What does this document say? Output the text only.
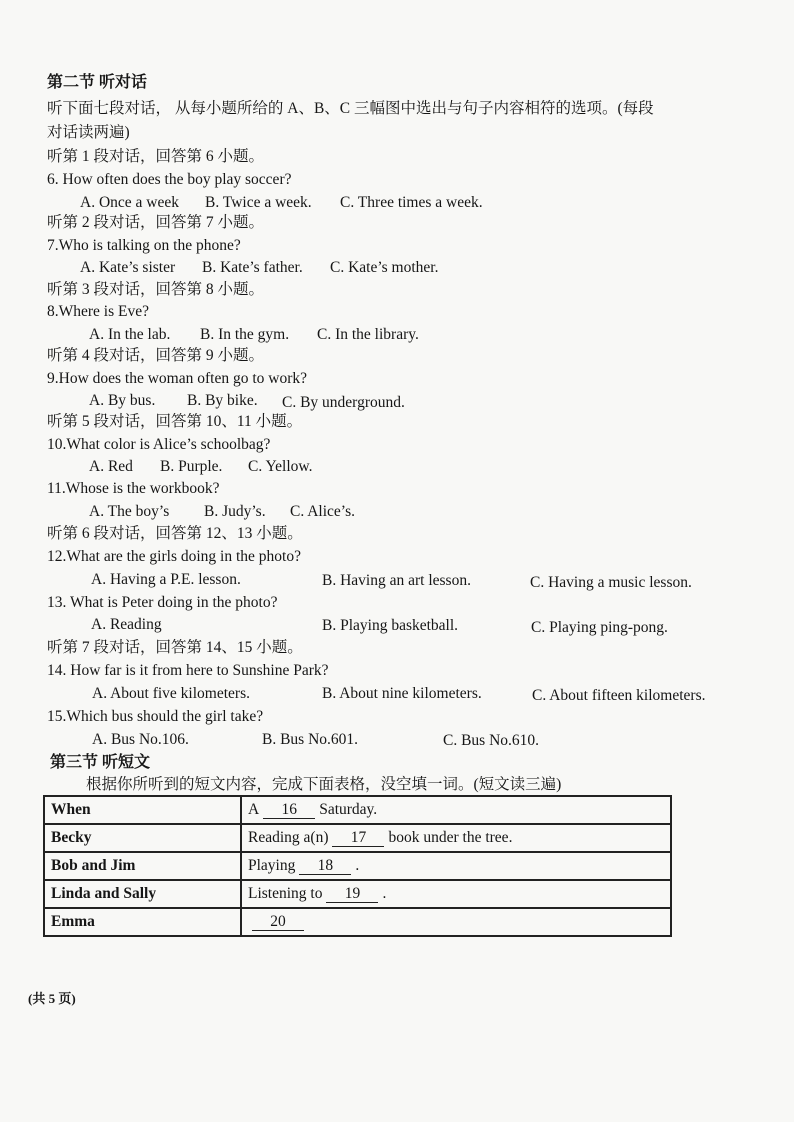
第二节 听对话
听下面七段对话， 从每小题所给的 A、B、C 三幅图中选出与句子内容相符的选项。(每段
对话读两遍)
听第 1 段对话，回答第 6 小题。
6. How often does the boy play soccer?
A. Once a week B. Twice a week. C. Three times a week.
听第 2 段对话，回答第 7 小题。
7.Who is talking on the phone?
A. Kate’s sister B. Kate’s father. C. Kate’s mother.
听第 3 段对话，回答第 8 小题。
8.Where is Eve?
A. In the lab. B. In the gym. C. In the library.
听第 4 段对话，回答第 9 小题。
9.How does the woman often go to work?
A. By bus. B. By bike. C. By underground.
听第 5 段对话，回答第 10、11 小题。
10.What color is Alice’s schoolbag?
A. Red B. Purple. C. Yellow.
11.Whose is the workbook?
A. The boy’s B. Judy’s. C. Alice’s.
听第 6 段对话，回答第 12、13 小题。
12.What are the girls doing in the photo?
A. Having a P.E. lesson.	B. Having an art lesson.	C. Having a music lesson.
13. What is Peter doing in the photo?
A. Reading	B. Playing basketball.	C. Playing ping-pong.
听第 7 段对话，回答第 14、15 小题。
14. How far is it from here to Sunshine Park?
A. About five kilometers.	B. About nine kilometers.	C. About fifteen kilometers.
15.Which bus should the girl take?
A. Bus No.106.	B. Bus No.601.	C. Bus No.610.
第三节 听短文
根据你所听到的短文内容，完成下面表格，没空填一词。(短文读三遍)
When	A 16 Saturday.
Becky	Reading a(n) 17 book under the tree.
Bob and Jim	Playing 18 .
Linda and Sally	Listening to 19 .
Emma	20
(共 5 页)
